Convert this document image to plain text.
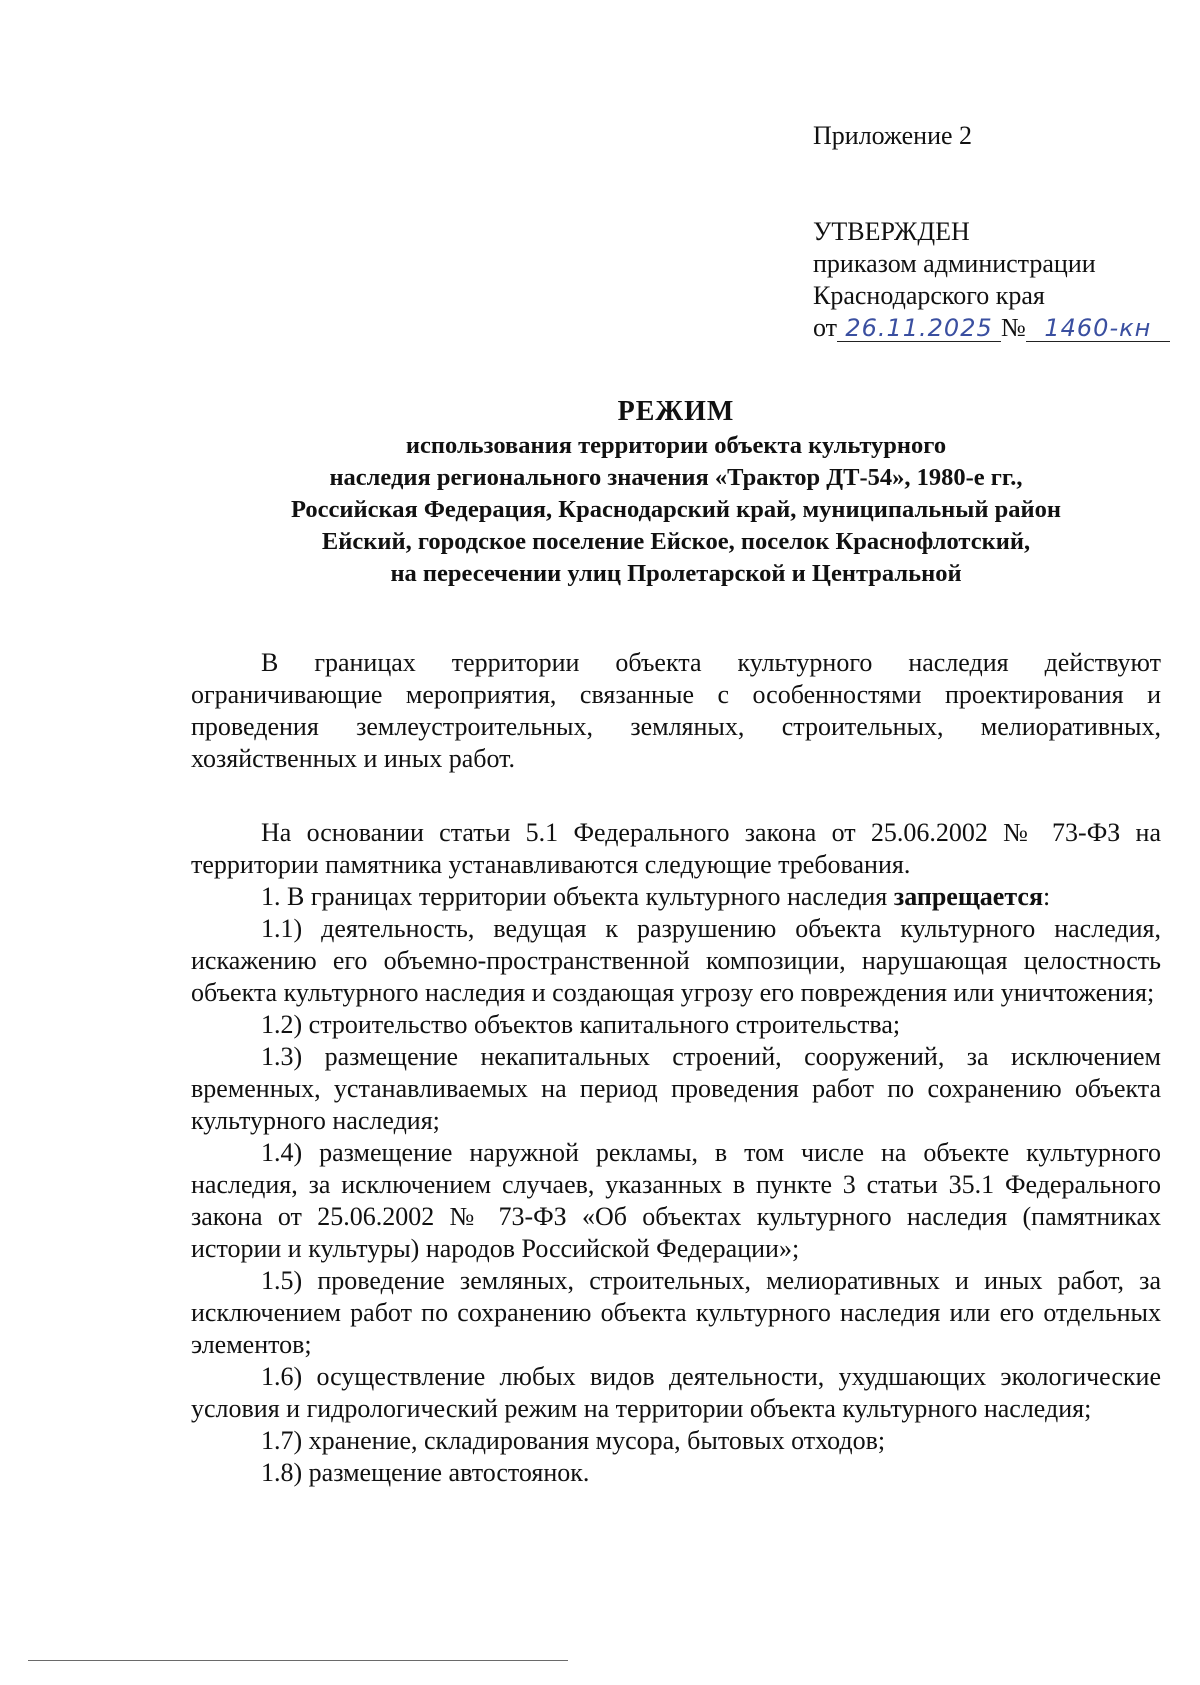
Приложение 2
УТВЕРЖДЕН
приказом администрации
Краснодарского края
от 26.11.2025 № 1460-кн
РЕЖИМ
использования территории объекта культурного
наследия регионального значения «Трактор ДТ-54», 1980-е гг.,
Российская Федерация, Краснодарский край, муниципальный район
Ейский, городское поселение Ейское, поселок Краснофлотский,
на пересечении улиц Пролетарской и Центральной

В границах территории объекта культурного наследия действуют ограничивающие мероприятия, связанные с особенностями проектирования и проведения землеустроительных, земляных, строительных, мелиоративных, хозяйственных и иных работ.

На основании статьи 5.1 Федерального закона от 25.06.2002 № 73-ФЗ на территории памятника устанавливаются следующие требования.

1. В границах территории объекта культурного наследия запрещается:

1.1) деятельность, ведущая к разрушению объекта культурного наследия, искажению его объемно-пространственной композиции, нарушающая целостность объекта культурного наследия и создающая угрозу его повреждения или уничтожения;

1.2) строительство объектов капитального строительства;

1.3) размещение некапитальных строений, сооружений, за исключением временных, устанавливаемых на период проведения работ по сохранению объекта культурного наследия;

1.4) размещение наружной рекламы, в том числе на объекте культурного наследия, за исключением случаев, указанных в пункте 3 статьи 35.1 Федерального закона от 25.06.2002 № 73-ФЗ «Об объектах культурного наследия (памятниках истории и культуры) народов Российской Федерации»;

1.5) проведение земляных, строительных, мелиоративных и иных работ, за исключением работ по сохранению объекта культурного наследия или его отдельных элементов;

1.6) осуществление любых видов деятельности, ухудшающих экологические условия и гидрологический режим на территории объекта культурного наследия;

1.7) хранение, складирования мусора, бытовых отходов;

1.8) размещение автостоянок.
